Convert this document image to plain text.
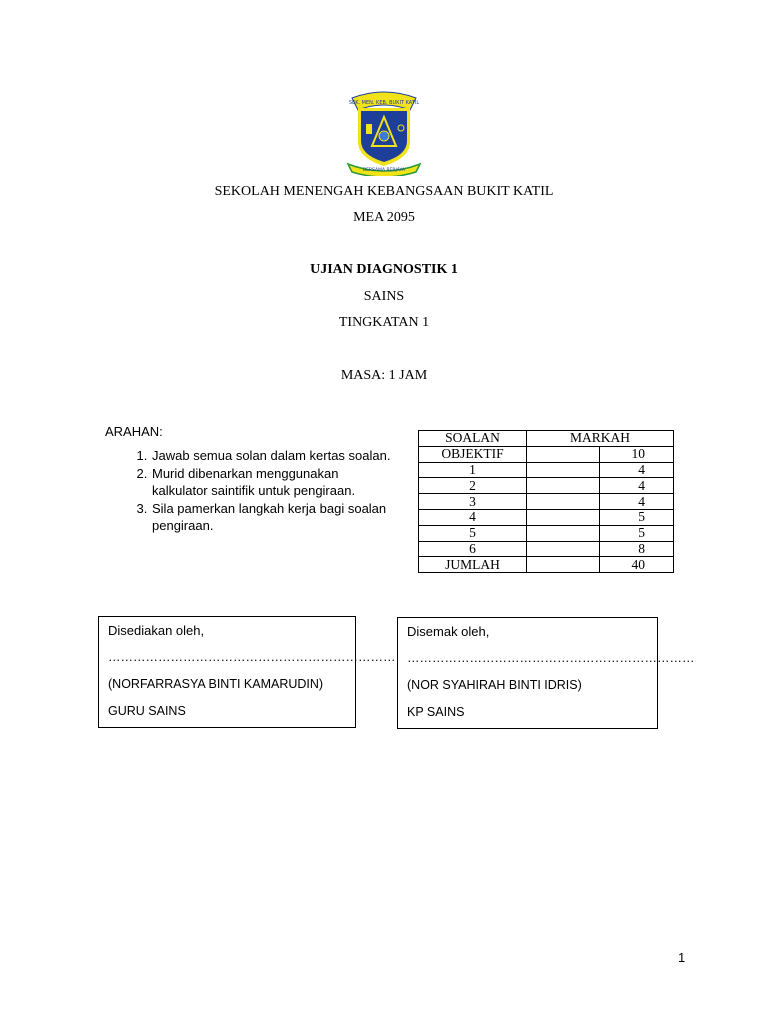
SEK. MEN. KEB. BUKIT KATIL
BERSAMA BERJAYA
SEKOLAH MENENGAH KEBANGSAAN BUKIT KATIL
MEA 2095
UJIAN DIAGNOSTIK 1
SAINS
TINGKATAN 1
MASA: 1 JAM
ARAHAN:
1. Jawab semua solan dalam kertas soalan.
2. Murid dibenarkan menggunakan kalkulator saintifik untuk pengiraan.
3. Sila pamerkan langkah kerja bagi soalan pengiraan.
SOALAN	MARKAH	
OBJEKTIF		10
1		4
2		4
3		4
4		5
5		5
6		8
JUMLAH		40
Disediakan oleh,
……………………………………………………………
(NORFARRASYA BINTI KAMARUDIN)
GURU SAINS
Disemak oleh,
……………………………………………………………
(NOR SYAHIRAH BINTI IDRIS)
KP SAINS
1
